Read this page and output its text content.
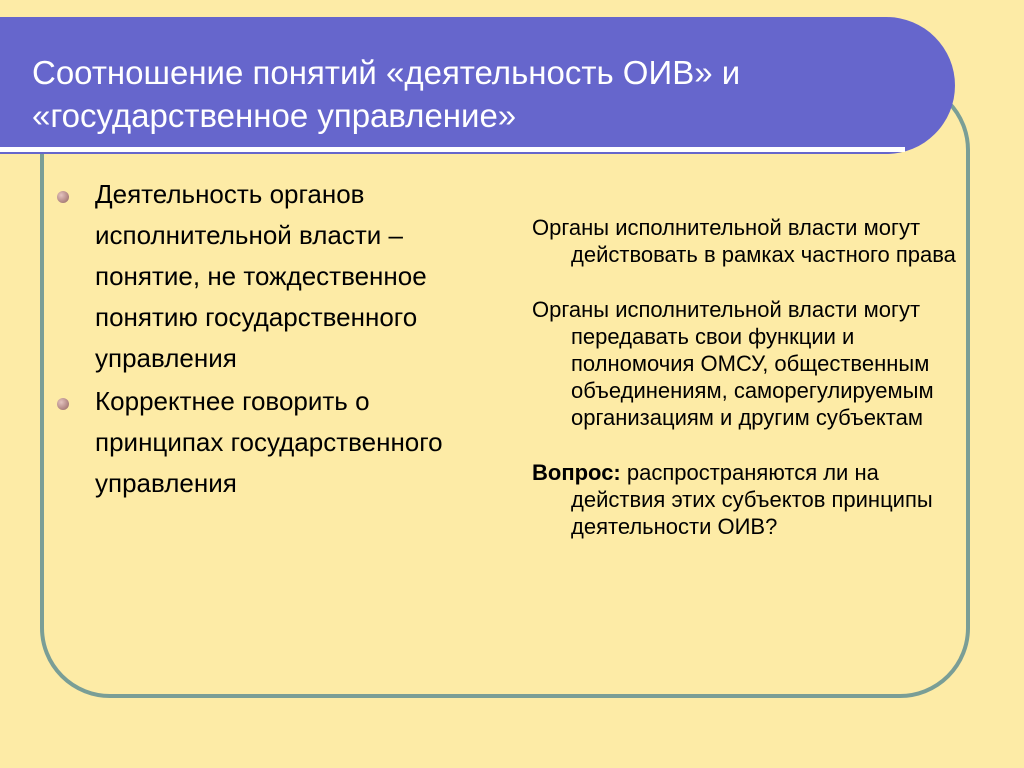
Соотношение понятий «деятельность ОИВ» и
«государственное управление»
Деятельность органов исполнительной власти – понятие, не тождественное понятию государственного управления
Корректнее говорить о принципах государственного управления

Органы исполнительной власти могут действовать в рамках частного права

Органы исполнительной власти могут передавать свои функции и полномочия ОМСУ, общественным объединениям, саморегулируемым организациям и другим субъектам

Вопрос: распространяются ли на действия этих субъектов принципы деятельности ОИВ?
